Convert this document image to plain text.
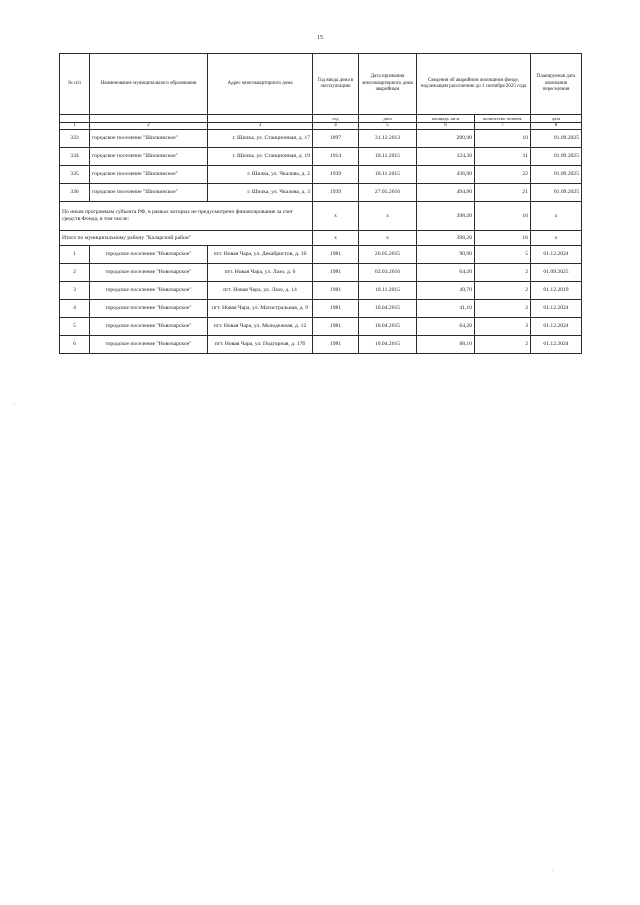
15
№ п/п	Наименование муниципального образования	Адрес многоквартирного дома	Год ввода дома в эксплуатацию	Дата признания многоквартирного дома аварийным	Сведения об аварийном жилищном фонде, подлежащем расселению до 1 сентября 2025 года		Планируемая дата окончания переселения

			год	дата	площадь, кв.м	количество человек	дата
1	2	3	4	5	6	7	8
333	городское поселение "Шилкинское"	г. Шилка, ул. Станционная, д. 17	1897	31.12.2013	200,90	10	01.09.2025
334	городское поселение "Шилкинское"	г. Шилка, ул. Станционная, д. 19	1914	18.11.2015	124,30	11	01.09.2025
335	городское поселение "Шилкинское"	г. Шилка, ул. Чкалова, д. 2	1939	18.11.2015	436,90	22	01.09.2025
336	городское поселение "Шилкинское"	г. Шилка, ул. Чкалова, д. 3	1939	27.05.2016	494,90	21	01.09.2025
По иным программам субъекта РФ, в рамках которых не предусмотрено финансирование за счет средств Фонда, в том числе:			х	х	398,20	16	х
Итого по муниципальному району "Каларский район"			х	х	398,20	16	х
1	городское поселение "Новочарское"	пгт. Новая Чара, ул. Декабристов, д. 10	1981	26.05.2015	90,90	5	01.12.2024
2	городское поселение "Новочарское"	пгт. Новая Чара, ул. Лазо, д. 6	1981	02.03.2016	64,20	2	01.09.2025
3	городское поселение "Новочарское"	пгт. Новая Чара, ул. Лазо, д. 14	1981	18.11.2015	49,70	2	01.12.2019
4	городское поселение "Новочарское"	пгт. Новая Чара, ул. Магистральная, д. 9	1981	10.04.2015	41,10	2	01.12.2024
5	городское поселение "Новочарское"	пгт. Новая Чара, ул. Молодежная, д. 12	1981	10.04.2015	64,20	3	01.12.2024
6	городское поселение "Новочарское"	пгт. Новая Чара, ул. Подгорная, д. 17б	1981	10.04.2015	88,10	2	01.12.2024
'
.
